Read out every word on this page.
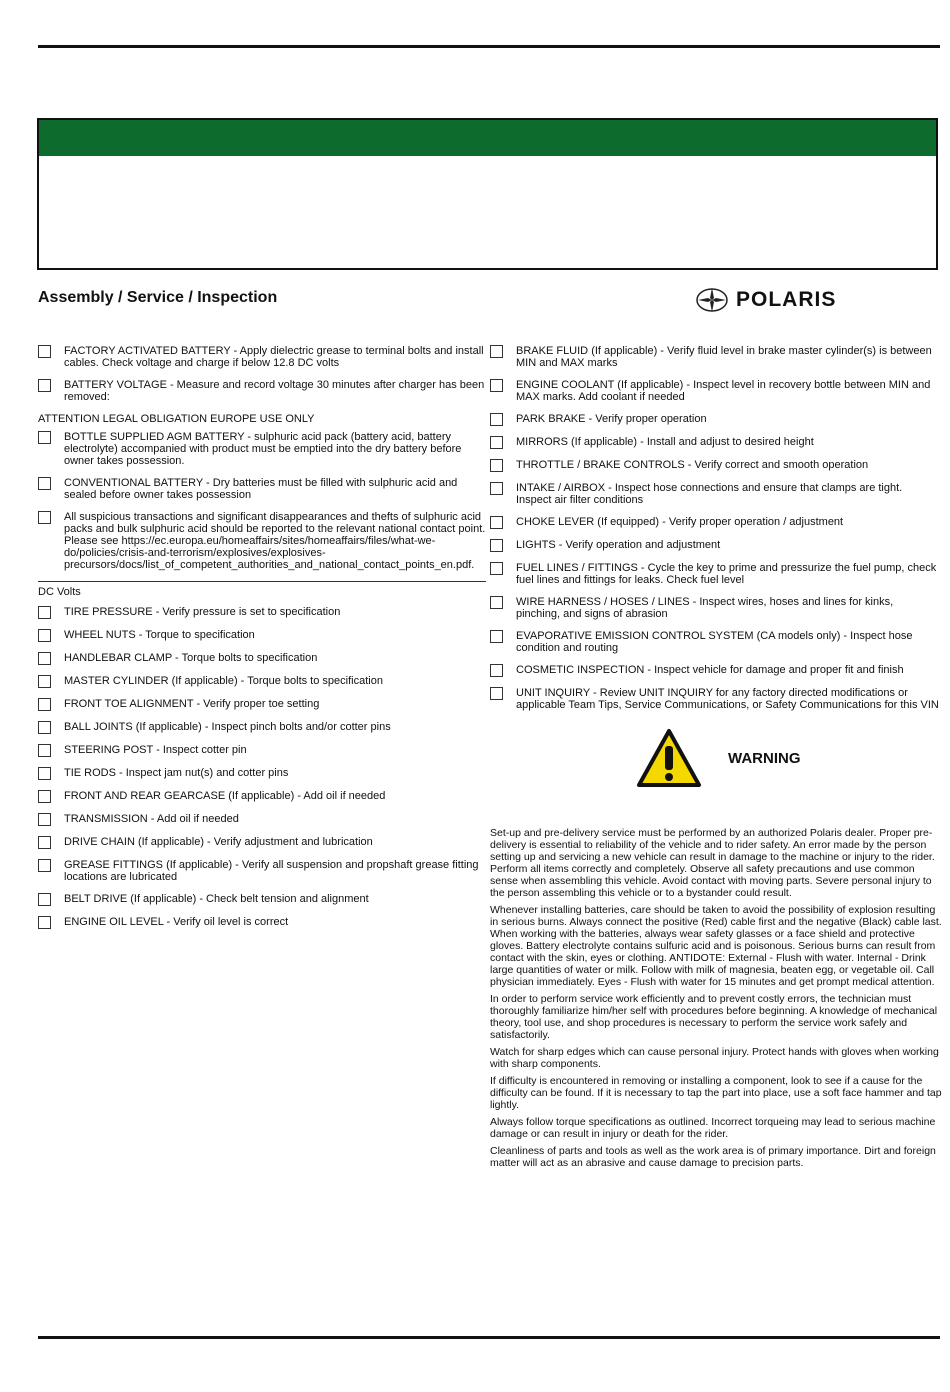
Assembly / Service / Inspection	POLARIS
FACTORY ACTIVATED BATTERY - Apply dielectric grease to terminal bolts and install cables. Check voltage and charge if below 12.8 DC volts
BATTERY VOLTAGE - Measure and record voltage 30 minutes after charger has been removed:
ATTENTION LEGAL OBLIGATION EUROPE USE ONLY
BOTTLE SUPPLIED AGM BATTERY - sulphuric acid pack (battery acid, battery electrolyte) accompanied with product must be emptied into the dry battery before owner takes possession.
CONVENTIONAL BATTERY - Dry batteries must be filled with sulphuric acid and sealed before owner takes possession
All suspicious transactions and significant disappearances and thefts of sulphuric acid packs and bulk sulphuric acid should be reported to the relevant national contact point. Please see https://ec.europa.eu/homeaffairs/sites/homeaffairs/files/what-we-do/policies/crisis-and-terrorism/explosives/explosives-precursors/docs/list_of_competent_authorities_and_national_contact_points_en.pdf.
DC Volts
TIRE PRESSURE - Verify pressure is set to specification
WHEEL NUTS - Torque to specification
HANDLEBAR CLAMP - Torque bolts to specification
MASTER CYLINDER (If applicable) - Torque bolts to specification
FRONT TOE ALIGNMENT - Verify proper toe setting
BALL JOINTS (If applicable) - Inspect pinch bolts and/or cotter pins
STEERING POST - Inspect cotter pin
TIE RODS - Inspect jam nut(s) and cotter pins
FRONT AND REAR GEARCASE (If applicable) - Add oil if needed
TRANSMISSION - Add oil if needed
DRIVE CHAIN (If applicable) - Verify adjustment and lubrication
GREASE FITTINGS (If applicable) - Verify all suspension and propshaft grease fitting locations are lubricated
BELT DRIVE (If applicable) - Check belt tension and alignment
ENGINE OIL LEVEL - Verify oil level is correct
BRAKE FLUID (If applicable) - Verify fluid level in brake master cylinder(s) is between MIN and MAX marks
ENGINE COOLANT (If applicable) - Inspect level in recovery bottle between MIN and MAX marks. Add coolant if needed
PARK BRAKE - Verify proper operation
MIRRORS (If applicable) - Install and adjust to desired height
THROTTLE / BRAKE CONTROLS - Verify correct and smooth operation
INTAKE / AIRBOX - Inspect hose connections and ensure that clamps are tight. Inspect air filter conditions
CHOKE LEVER (If equipped) - Verify proper operation / adjustment
LIGHTS - Verify operation and adjustment
FUEL LINES / FITTINGS - Cycle the key to prime and pressurize the fuel pump, check fuel lines and fittings for leaks. Check fuel level
WIRE HARNESS / HOSES / LINES - Inspect wires, hoses and lines for kinks, pinching, and signs of abrasion
EVAPORATIVE EMISSION CONTROL SYSTEM (CA models only) - Inspect hose condition and routing
COSMETIC INSPECTION - Inspect vehicle for damage and proper fit and finish
UNIT INQUIRY - Review UNIT INQUIRY for any factory directed modifications or applicable Team Tips, Service Communications, or Safety Communications for this VIN
WARNING

Set-up and pre-delivery service must be performed by an authorized Polaris dealer. Proper pre-delivery is essential to reliability of the vehicle and to rider safety. An error made by the person setting up and servicing a new vehicle can result in damage to the machine or injury to the rider. Perform all items correctly and completely. Observe all safety precautions and use common sense when assembling this vehicle. Avoid contact with moving parts. Severe personal injury to the person assembling this vehicle or to a bystander could result.

Whenever installing batteries, care should be taken to avoid the possibility of explosion resulting in serious burns. Always connect the positive (Red) cable first and the negative (Black) cable last. When working with the batteries, always wear safety glasses or a face shield and protective gloves. Battery electrolyte contains sulfuric acid and is poisonous. Serious burns can result from contact with the skin, eyes or clothing. ANTIDOTE: External - Flush with water. Internal - Drink large quantities of water or milk. Follow with milk of magnesia, beaten egg, or vegetable oil. Call physician immediately. Eyes - Flush with water for 15 minutes and get prompt medical attention.

In order to perform service work efficiently and to prevent costly errors, the technician must thoroughly familiarize him/her self with procedures before beginning. A knowledge of mechanical theory, tool use, and shop procedures is necessary to perform the service work safely and satisfactorily.

Watch for sharp edges which can cause personal injury. Protect hands with gloves when working with sharp components.

If difficulty is encountered in removing or installing a component, look to see if a cause for the difficulty can be found. If it is necessary to tap the part into place, use a soft face hammer and tap lightly.

Always follow torque specifications as outlined. Incorrect torqueing may lead to serious machine damage or can result in injury or death for the rider.

Cleanliness of parts and tools as well as the work area is of primary importance. Dirt and foreign matter will act as an abrasive and cause damage to precision parts.
